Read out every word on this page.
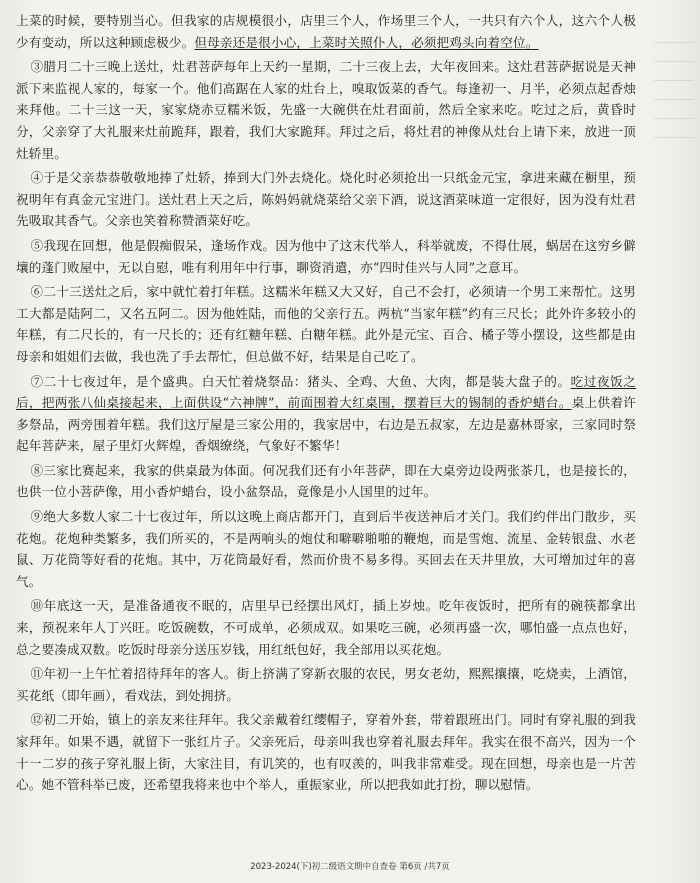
上菜的时候，要特别当心。但我家的店规模很小，店里三个人，作场里三个人，一共只有六个人，这六个人极少有变动，所以这种顾虑极少。但母亲还是很小心，上菜时关照仆人，必须把鸡头向着空位。

③腊月二十三晚上送灶，灶君菩萨每年上天约一星期，二十三夜上去，大年夜回来。这灶君菩萨据说是天神派下来监视人家的，每家一个。他们高踞在人家的灶台上，嗅取饭菜的香气。每逢初一、月半，必须点起香烛来拜他。二十三这一天，家家烧赤豆糯米饭，先盛一大碗供在灶君面前，然后全家来吃。吃过之后，黄昏时分，父亲穿了大礼服来灶前跪拜，跟着，我们大家跪拜。拜过之后，将灶君的神像从灶台上请下来，放进一顶灶轿里。

④于是父亲恭恭敬敬地捧了灶轿，捧到大门外去烧化。烧化时必须抢出一只纸金元宝，拿进来藏在橱里，预祝明年有真金元宝进门。送灶君上天之后，陈妈妈就烧菜给父亲下酒，说这酒菜味道一定很好，因为没有灶君先吸取其香气。父亲也笑着称赞酒菜好吃。

⑤我现在回想，他是假痴假呆，逢场作戏。因为他中了这末代举人，科举就废，不得仕展，蜗居在这穷乡僻壤的蓬门败屋中，无以自慰，唯有利用年中行事，聊资消遣，亦“四时佳兴与人同”之意耳。

⑥二十三送灶之后，家中就忙着打年糕。这糯米年糕又大又好，自己不会打，必须请一个男工来帮忙。这男工大都是陆阿二，又名五阿二。因为他姓陆，而他的父亲行五。两杭“当家年糕”约有三尺长；此外许多较小的年糕，有二尺长的，有一尺长的；还有红糖年糕、白糖年糕。此外是元宝、百合、橘子等小摆设，这些都是由母亲和姐姐们去做，我也洗了手去帮忙，但总做不好，结果是自己吃了。

⑦二十七夜过年，是个盛典。白天忙着烧祭品：猪头、全鸡、大鱼、大肉，都是装大盘子的。吃过夜饭之后，把两张八仙桌接起来，上面供设“六神牌”，前面围着大红桌围，摆着巨大的锡制的香炉蜡台。桌上供着许多祭品，两旁围着年糕。我们这厅屋是三家公用的，我家居中，右边是五叔家，左边是嘉林哥家，三家同时祭起年菩萨来，屋子里灯火辉煌，香烟缭绕，气象好不繁华！

⑧三家比赛起来，我家的供桌最为体面。何况我们还有小年菩萨，即在大桌旁边设两张茶几，也是接长的，也供一位小菩萨像，用小香炉蜡台，设小盆祭品，竟像是小人国里的过年。

⑨绝大多数人家二十七夜过年，所以这晚上商店都开门，直到后半夜送神后才关门。我们约伴出门散步，买花炮。花炮种类繁多，我们所买的，不是两响头的炮仗和噼噼啪啪的鞭炮，而是雪炮、流星、金转银盘、水老鼠、万花筒等好看的花炮。其中，万花筒最好看，然而价贵不易多得。买回去在天井里放，大可增加过年的喜气。

⑩年底这一天，是准备通夜不眠的，店里早已经摆出风灯，插上岁烛。吃年夜饭时，把所有的碗筷都拿出来，预祝来年人丁兴旺。吃饭碗数，不可成单，必须成双。如果吃三碗，必须再盛一次，哪怕盛一点点也好，总之要凑成双数。吃饭时母亲分送压岁钱，用红纸包好，我全部用以买花炮。

⑪年初一上午忙着招待拜年的客人。街上挤满了穿新衣服的农民，男女老幼，熙熙攘攘，吃烧卖，上酒馆，买花纸（即年画），看戏法，到处拥挤。

⑫初二开始，镇上的亲友来往拜年。我父亲戴着红缨帽子，穿着外套，带着跟班出门。同时有穿礼服的到我家拜年。如果不遇，就留下一张红片子。父亲死后，母亲叫我也穿着礼服去拜年。我实在很不高兴，因为一个十一二岁的孩子穿礼服上街，大家注目，有讥笑的，也有叹羡的，叫我非常难受。现在回想，母亲也是一片苦心。她不管科举已废，还希望我将来也中个举人，重振家业，所以把我如此打扮，聊以慰情。

2023-2024(下)初二级语文期中自查卷 第6页 /共7页
